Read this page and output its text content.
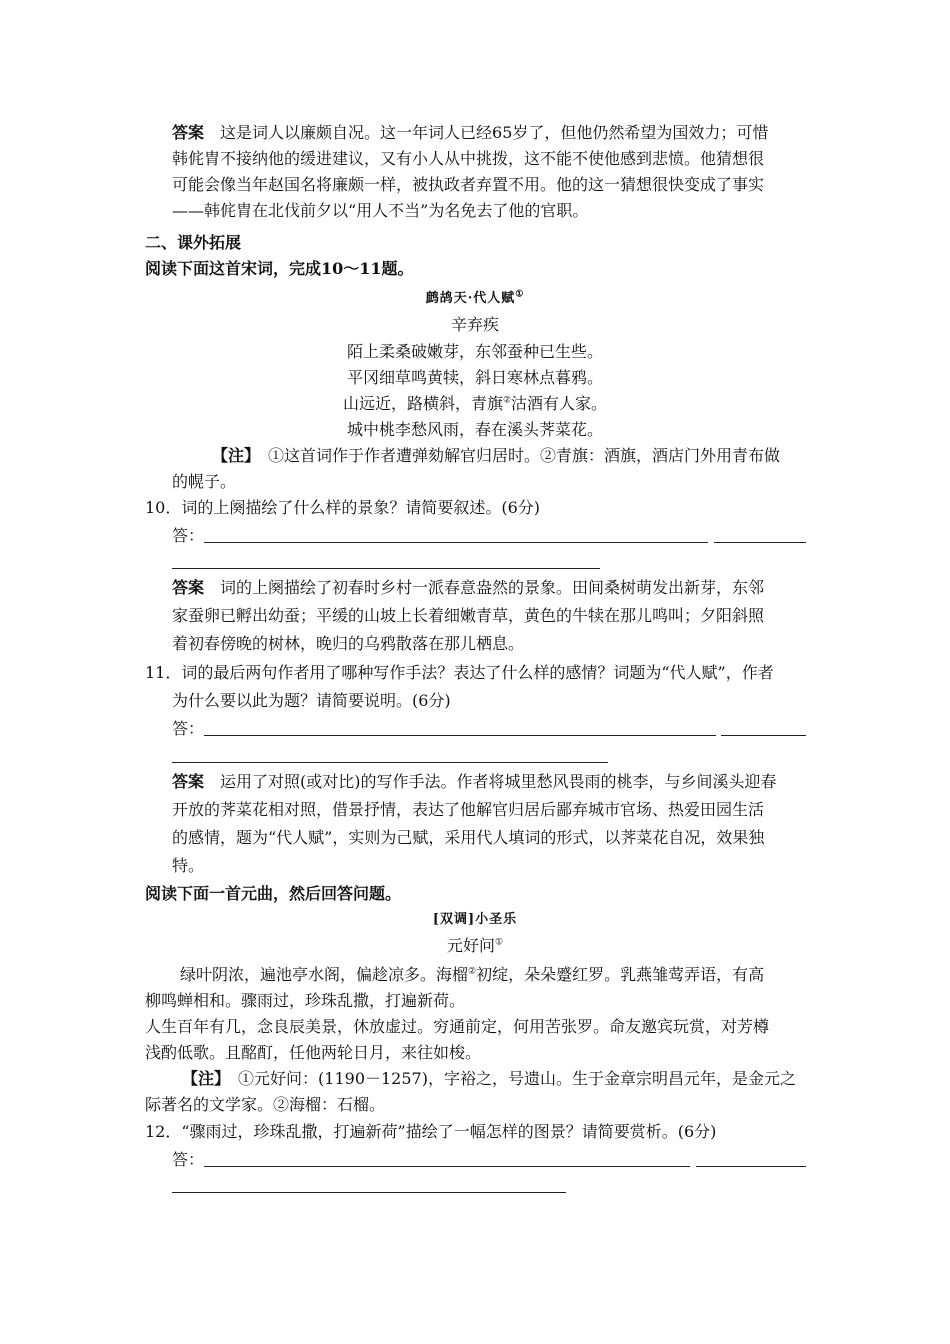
答案　 这是词人以廉颇自况。这一年词人已经65岁了，但他仍然希望为国效力；可惜
韩侂胄不接纳他的缓进建议，又有小人从中挑拨，这不能不使他感到悲愤。他猜想很
可能会像当年赵国名将廉颇一样，被执政者弃置不用。他的这一猜想很快变成了事实
——韩侂胄在北伐前夕以“用人不当”为名免去了他的官职。
二、课外拓展
阅读下面这首宋词，完成10～11题。
鹧鸪天·代人赋①
辛弃疾
陌上柔桑破嫩芽，东邻蚕种已生些。
平冈细草鸣黄犊，斜日寒林点暮鸦。
山远近，路横斜，青旗②沽酒有人家。
城中桃李愁风雨，春在溪头荠菜花。
【注】　 ①这首词作于作者遭弹劾解官归居时。②青旗：酒旗，酒店门外用青布做
的幌子。
10．词的上阕描绘了什么样的景象？请简要叙述。(6分)
答：
答案　 词的上阕描绘了初春时乡村一派春意盎然的景象。田间桑树萌发出新芽，东邻
家蚕卵已孵出幼蚕；平缓的山坡上长着细嫩青草，黄色的牛犊在那儿鸣叫；夕阳斜照
着初春傍晚的树林，晚归的乌鸦散落在那儿栖息。
11．词的最后两句作者用了哪种写作手法？表达了什么样的感情？词题为“代人赋”，作者
为什么要以此为题？请简要说明。(6分)
答：
答案　 运用了对照(或对比)的写作手法。作者将城里愁风畏雨的桃李，与乡间溪头迎春
开放的荠菜花相对照，借景抒情，表达了他解官归居后鄙弃城市官场、热爱田园生活
的感情，题为“代人赋”，实则为己赋，采用代人填词的形式，以荠菜花自况，效果独
特。
阅读下面一首元曲，然后回答问题。
[双调]小圣乐
元好问①
绿叶阴浓，遍池亭水阁，偏趁凉多。海榴②初绽，朵朵蹙红罗。乳燕雏莺弄语，有高
柳鸣蝉相和。骤雨过，珍珠乱撒，打遍新荷。
人生百年有几，念良辰美景，休放虚过。穷通前定，何用苦张罗。命友邀宾玩赏，对芳樽
浅酌低歌。且酩酊，任他两轮日月，来往如梭。
【注】　 ①元好问：(1190－1257)，字裕之，号遗山。生于金章宗明昌元年，是金元之
际著名的文学家。②海榴：石榴。
12．“骤雨过，珍珠乱撒，打遍新荷”描绘了一幅怎样的图景？请简要赏析。(6分)
答：
